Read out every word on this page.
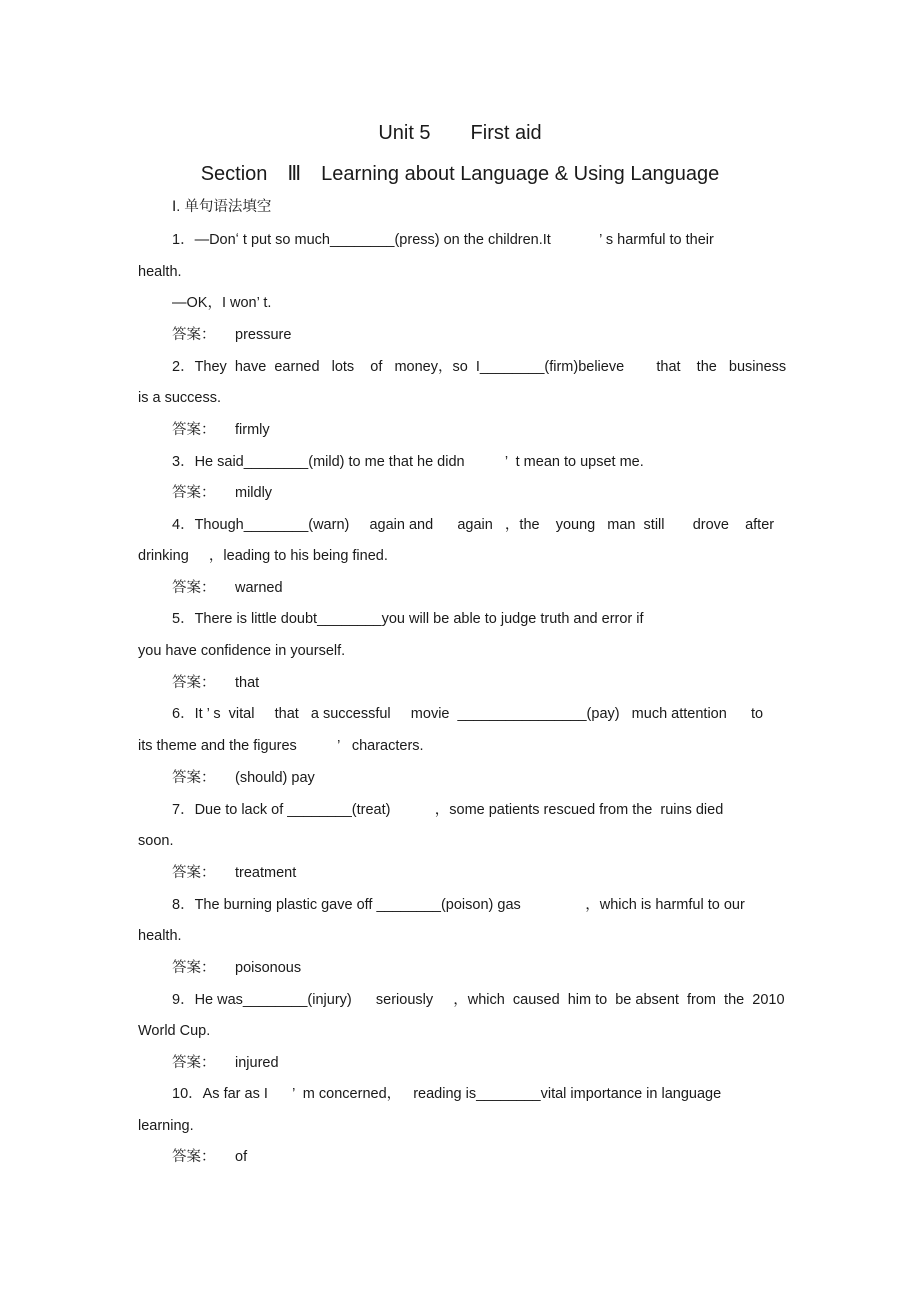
Unit 5　　First aid
Section　Ⅲ　Learning about Language & Using Language
Ⅰ. 单句语法填空
1．—Donʻ t put so much________(press) on the children.It            ’ s harmful to their
health.
—OK，I won’ t.
答案： pressure
2．They  have  earned   lots    of   money，so  I________(firm)believe        that    the   business
is a success.
答案： firmly
3．He said________(mild) to me that he didn          ’  t mean to upset me.
答案： mildly
4．Though________(warn)     again and      again   ，the    young   man  still       drove    after
drinking     ，leading to his being fined.
答案： warned
5．There is little doubt________you will be able to judge truth and error if
you have confidence in yourself.
答案： that
6．It ’ s  vital     that   a successful     movie  ________________(pay)   much attention      to
its theme and the figures          ’   characters.
答案： (should) pay
7．Due to lack of ________(treat)           ，some patients rescued from the  ruins died
soon.
答案： treatment
8．The burning plastic gave off ________(poison) gas                ，which is harmful to our
health.
答案： poisonous
9．He was________(injury)      seriously     ，which  caused  him to  be absent  from  the  2010
World Cup.
答案： injured
10．As far as I      ’  m concerned，   reading is________vital importance in language
learning.
答案： of
